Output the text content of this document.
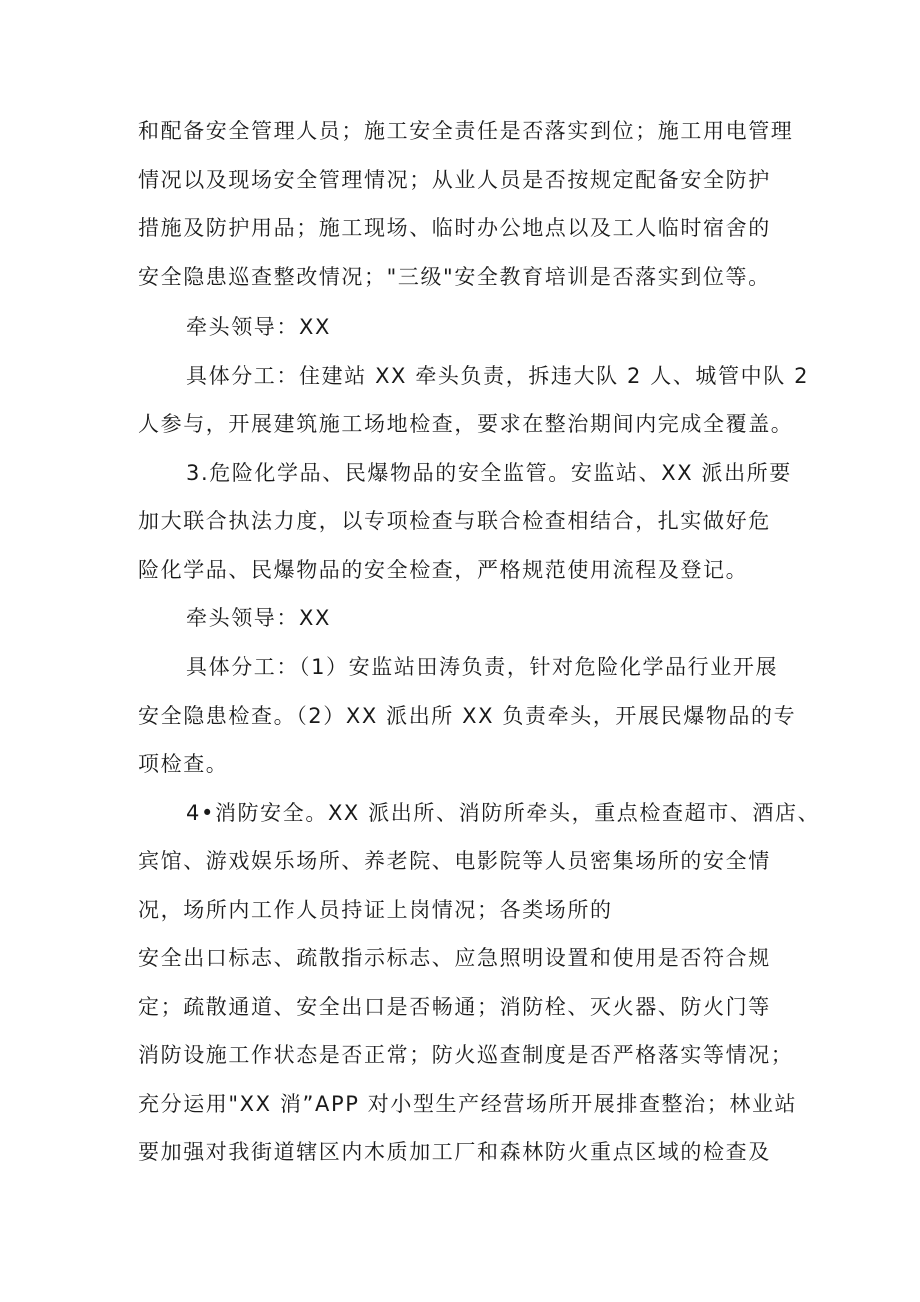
和配备安全管理人员；施工安全责任是否落实到位；施工用电管理
情况以及现场安全管理情况；从业人员是否按规定配备安全防护
措施及防护用品；施工现场、临时办公地点以及工人临时宿舍的
安全隐患巡查整改情况；"三级"安全教育培训是否落实到位等。
牵头领导：XX
具体分工：住建站 XX 牵头负责，拆违大队 2 人、城管中队 2
人参与，开展建筑施工场地检查，要求在整治期间内完成全覆盖。
3.危险化学品、民爆物品的安全监管。安监站、XX 派出所要
加大联合执法力度，以专项检查与联合检查相结合，扎实做好危
险化学品、民爆物品的安全检查，严格规范使用流程及登记。
牵头领导：XX
具体分工：（1）安监站田涛负责，针对危险化学品行业开展
安全隐患检查。（2）XX 派出所 XX 负责牵头，开展民爆物品的专
项检查。
4•消防安全。XX 派出所、消防所牵头，重点检查超市、酒店、
宾馆、游戏娱乐场所、养老院、电影院等人员密集场所的安全情
况，场所内工作人员持证上岗情况；各类场所的
安全出口标志、疏散指示标志、应急照明设置和使用是否符合规
定；疏散通道、安全出口是否畅通；消防栓、灭火器、防火门等
消防设施工作状态是否正常；防火巡查制度是否严格落实等情况；
充分运用"XX 消”APP 对小型生产经营场所开展排查整治；林业站
要加强对我街道辖区内木质加工厂和森林防火重点区域的检查及
